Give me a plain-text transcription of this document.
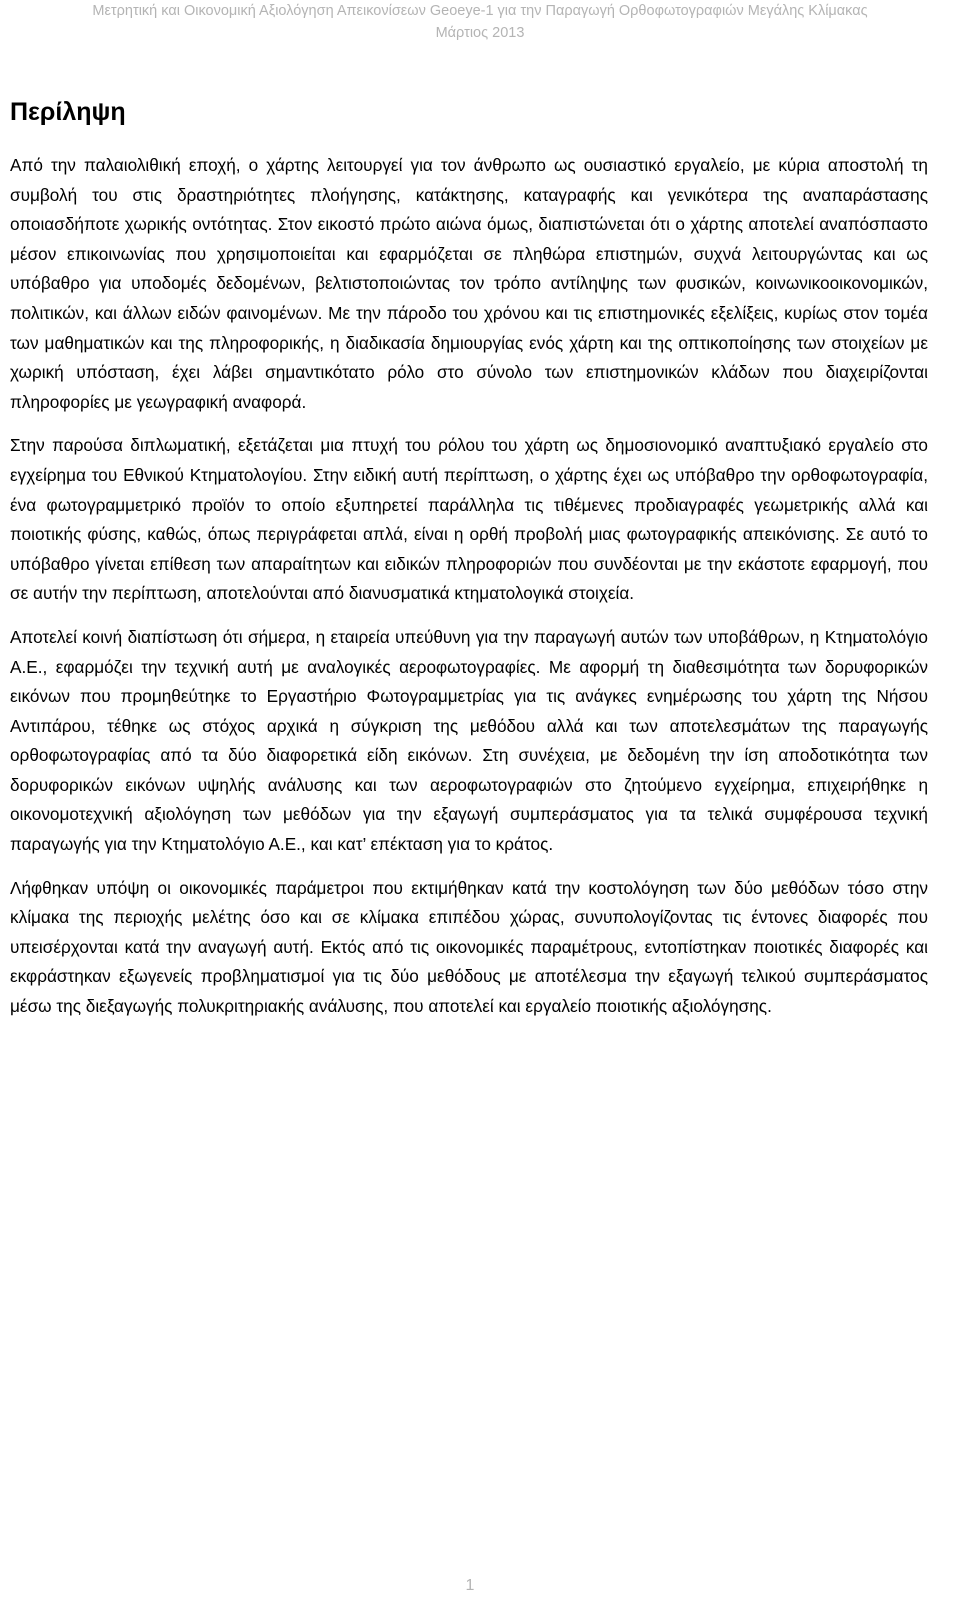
Μετρητική και Οικονομική Αξιολόγηση Απεικονίσεων Geoeye-1 για την Παραγωγή Ορθοφωτογραφιών Μεγάλης Κλίμακας
Μάρτιος 2013
Περίληψη

Από την παλαιολιθική εποχή, ο χάρτης λειτουργεί για τον άνθρωπο ως ουσιαστικό εργαλείο, με κύρια αποστολή τη συμβολή του στις δραστηριότητες πλοήγησης, κατάκτησης, καταγραφής και γενικότερα της αναπαράστασης οποιασδήποτε χωρικής οντότητας. Στον εικοστό πρώτο αιώνα όμως, διαπιστώνεται ότι ο χάρτης αποτελεί αναπόσπαστο μέσον επικοινωνίας που χρησιμοποιείται και εφαρμόζεται σε πληθώρα επιστημών, συχνά λειτουργώντας και ως υπόβαθρο για υποδομές δεδομένων, βελτιστοποιώντας τον τρόπο αντίληψης των φυσικών, κοινωνικοοικονομικών, πολιτικών, και άλλων ειδών φαινομένων. Με την πάροδο του χρόνου και τις επιστημονικές εξελίξεις, κυρίως στον τομέα των μαθηματικών και της πληροφορικής, η διαδικασία δημιουργίας ενός χάρτη και της οπτικοποίησης των στοιχείων με χωρική υπόσταση, έχει λάβει σημαντικότατο ρόλο στο σύνολο των επιστημονικών κλάδων που διαχειρίζονται πληροφορίες με γεωγραφική αναφορά.

Στην παρούσα διπλωματική, εξετάζεται μια πτυχή του ρόλου του χάρτη ως δημοσιονομικό αναπτυξιακό εργαλείο στο εγχείρημα του Εθνικού Κτηματολογίου. Στην ειδική αυτή περίπτωση, ο χάρτης έχει ως υπόβαθρο την ορθοφωτογραφία, ένα φωτογραμμετρικό προϊόν το οποίο εξυπηρετεί παράλληλα τις τιθέμενες προδιαγραφές γεωμετρικής αλλά και ποιοτικής φύσης, καθώς, όπως περιγράφεται απλά, είναι η ορθή προβολή μιας φωτογραφικής απεικόνισης. Σε αυτό το υπόβαθρο γίνεται επίθεση των απαραίτητων και ειδικών πληροφοριών που συνδέονται με την εκάστοτε εφαρμογή, που σε αυτήν την περίπτωση, αποτελούνται από διανυσματικά κτηματολογικά στοιχεία.

Αποτελεί κοινή διαπίστωση ότι σήμερα, η εταιρεία υπεύθυνη για την παραγωγή αυτών των υποβάθρων, η Κτηματολόγιο Α.Ε., εφαρμόζει την τεχνική αυτή με αναλογικές αεροφωτογραφίες. Με αφορμή τη διαθεσιμότητα των δορυφορικών εικόνων που προμηθεύτηκε το Εργαστήριο Φωτογραμμετρίας για τις ανάγκες ενημέρωσης του χάρτη της Νήσου Αντιπάρου, τέθηκε ως στόχος αρχικά η σύγκριση της μεθόδου αλλά και των αποτελεσμάτων της παραγωγής ορθοφωτογραφίας από τα δύο διαφορετικά είδη εικόνων. Στη συνέχεια, με δεδομένη την ίση αποδοτικότητα των δορυφορικών εικόνων υψηλής ανάλυσης και των αεροφωτογραφιών στο ζητούμενο εγχείρημα, επιχειρήθηκε η οικονομοτεχνική αξιολόγηση των μεθόδων για την εξαγωγή συμπεράσματος για τα τελικά συμφέρουσα τεχνική παραγωγής για την Κτηματολόγιο Α.Ε., και κατ’ επέκταση για το κράτος.

Λήφθηκαν υπόψη οι οικονομικές παράμετροι που εκτιμήθηκαν κατά την κοστολόγηση των δύο μεθόδων τόσο στην κλίμακα της περιοχής μελέτης όσο και σε κλίμακα επιπέδου χώρας, συνυπολογίζοντας τις έντονες διαφορές που υπεισέρχονται κατά την αναγωγή αυτή. Εκτός από τις οικονομικές παραμέτρους, εντοπίστηκαν ποιοτικές διαφορές και εκφράστηκαν εξωγενείς προβληματισμοί για τις δύο μεθόδους με αποτέλεσμα την εξαγωγή τελικού συμπεράσματος μέσω της διεξαγωγής πολυκριτηριακής ανάλυσης, που αποτελεί και εργαλείο ποιοτικής αξιολόγησης.

1
